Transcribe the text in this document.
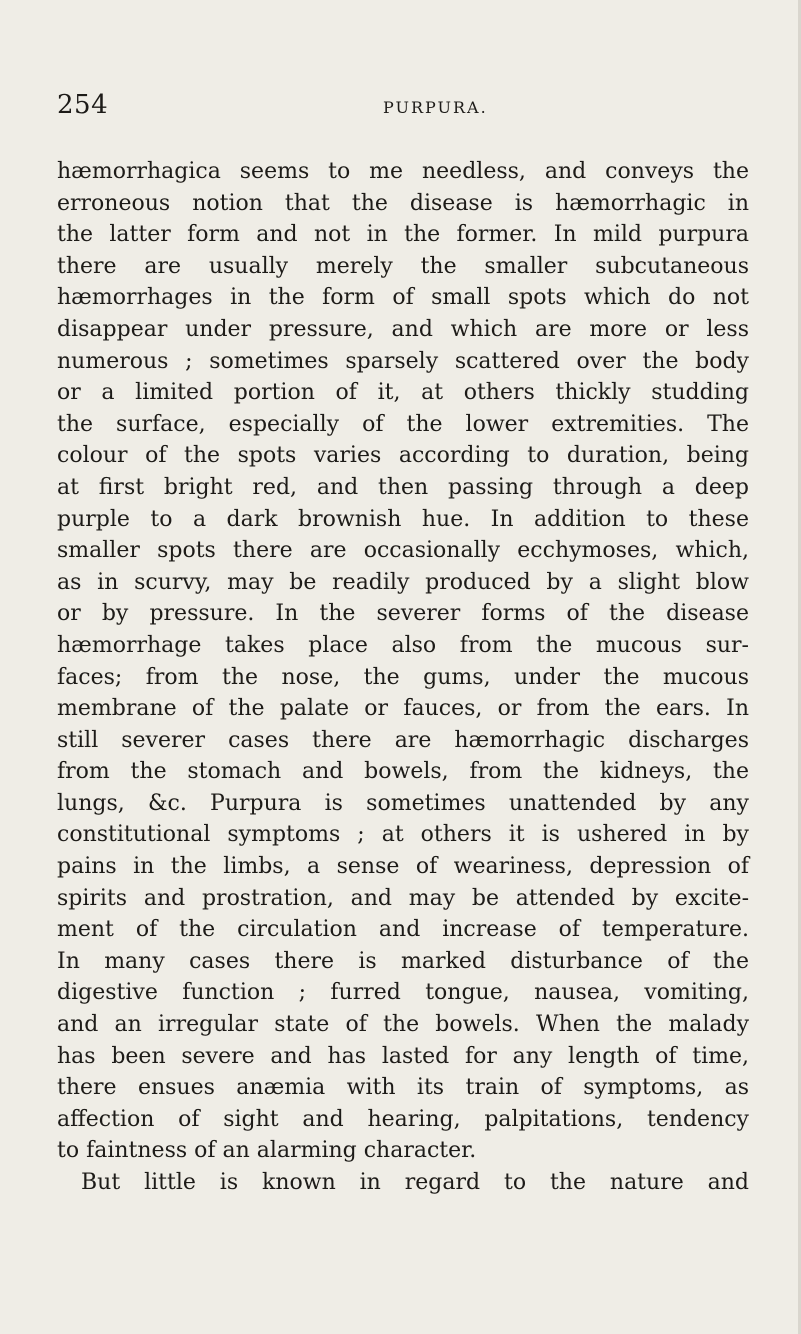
254	PURPURA.
hæmorrhagica seems to me needless, and conveys the
erroneous notion that the disease is hæmorrhagic in
the latter form and not in the former. In mild purpura
there are usually merely the smaller subcutaneous
hæmorrhages in the form of small spots which do not
disappear under pressure, and which are more or less
numerous ; sometimes sparsely scattered over the body
or a limited portion of it, at others thickly studding
the surface, especially of the lower extremities. The
colour of the spots varies according to duration, being
at first bright red, and then passing through a deep
purple to a dark brownish hue. In addition to these
smaller spots there are occasionally ecchymoses, which,
as in scurvy, may be readily produced by a slight blow
or by pressure. In the severer forms of the disease
hæmorrhage takes place also from the mucous sur-
faces; from the nose, the gums, under the mucous
membrane of the palate or fauces, or from the ears. In
still severer cases there are hæmorrhagic discharges
from the stomach and bowels, from the kidneys, the
lungs, &c. Purpura is sometimes unattended by any
constitutional symptoms ; at others it is ushered in by
pains in the limbs, a sense of weariness, depression of
spirits and prostration, and may be attended by excite-
ment of the circulation and increase of temperature.
In many cases there is marked disturbance of the
digestive function ; furred tongue, nausea, vomiting,
and an irregular state of the bowels. When the malady
has been severe and has lasted for any length of time,
there ensues anæmia with its train of symptoms, as
affection of sight and hearing, palpitations, tendency
to faintness of an alarming character.
But little is known in regard to the nature and
